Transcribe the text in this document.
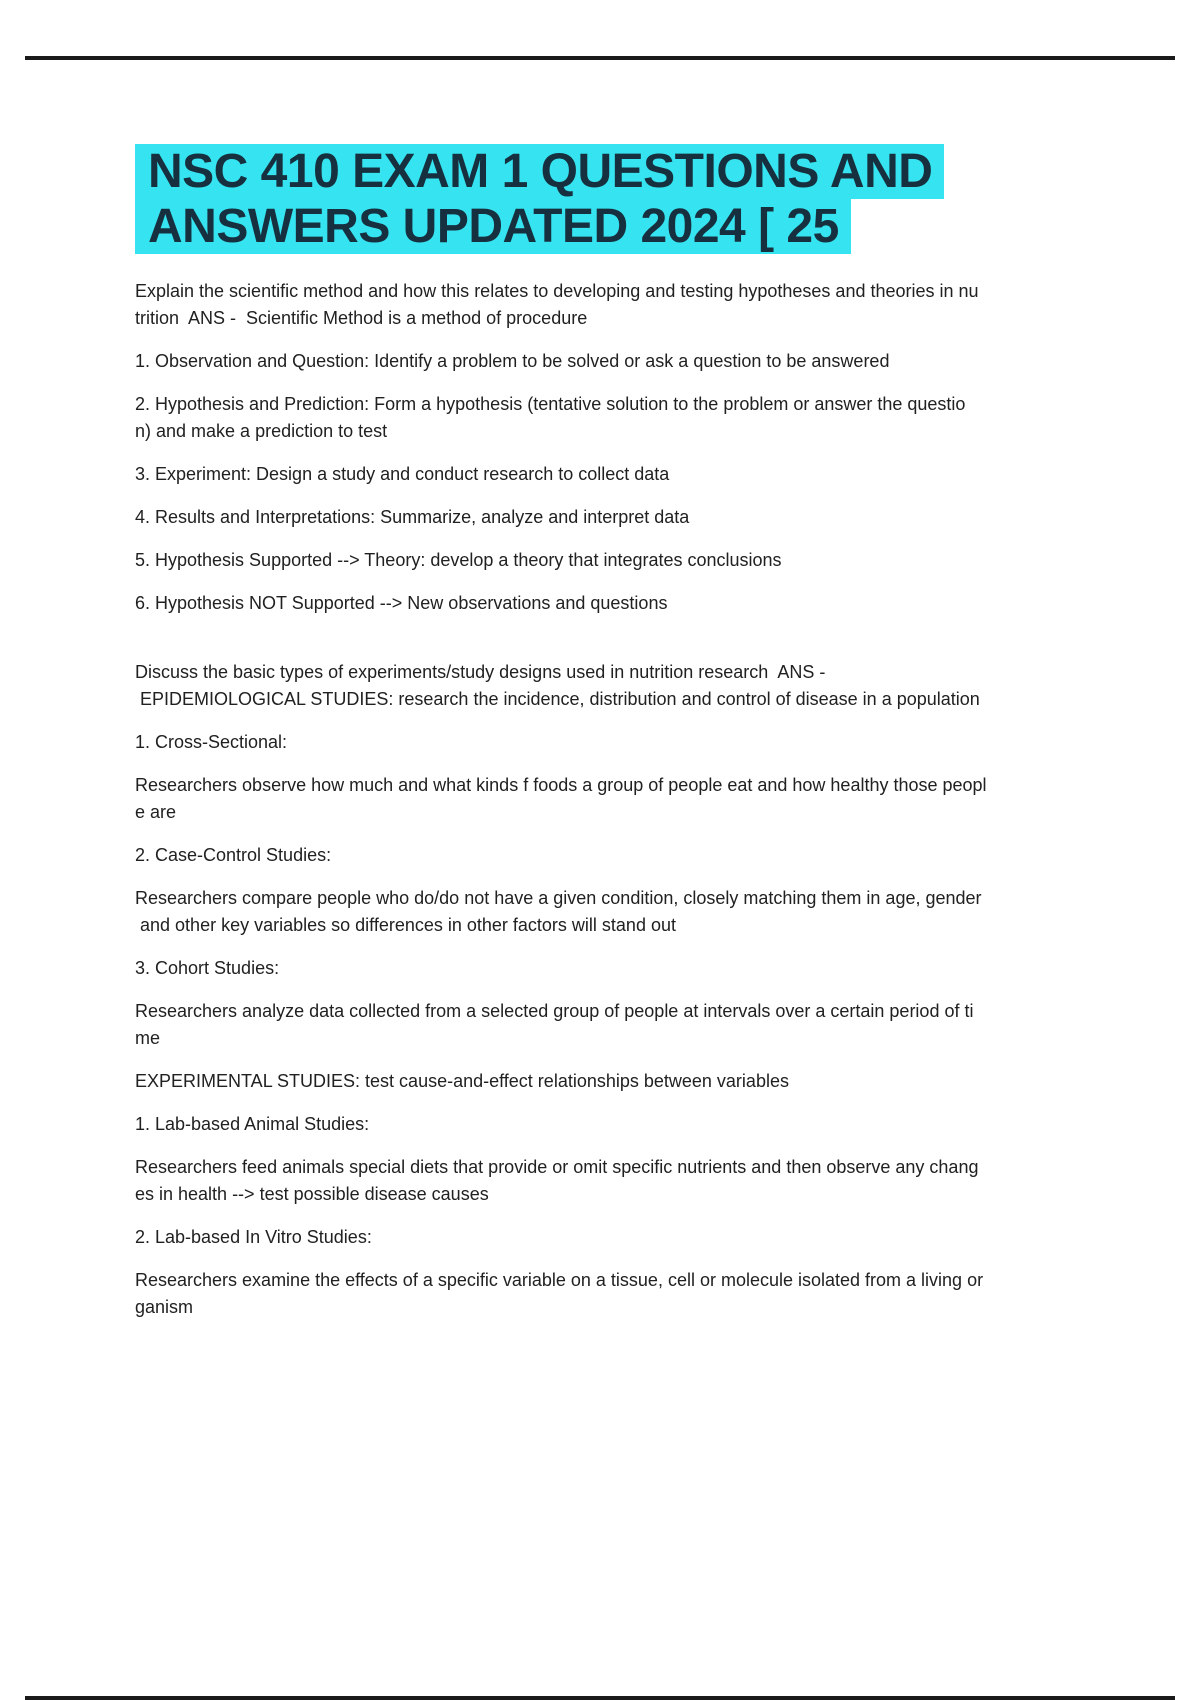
NSC 410 EXAM 1 QUESTIONS AND
ANSWERS UPDATED 2024 [ 25

Explain the scientific method and how this relates to developing and testing hypotheses and theories in nu
trition  ANS -  Scientific Method is a method of procedure

1. Observation and Question: Identify a problem to be solved or ask a question to be answered

2. Hypothesis and Prediction: Form a hypothesis (tentative solution to the problem or answer the questio
n) and make a prediction to test

3. Experiment: Design a study and conduct research to collect data

4. Results and Interpretations: Summarize, analyze and interpret data

5. Hypothesis Supported --> Theory: develop a theory that integrates conclusions

6. Hypothesis NOT Supported --> New observations and questions

Discuss the basic types of experiments/study designs used in nutrition research  ANS -
EPIDEMIOLOGICAL STUDIES: research the incidence, distribution and control of disease in a population

1. Cross-Sectional:

Researchers observe how much and what kinds f foods a group of people eat and how healthy those peopl
e are

2. Case-Control Studies:

Researchers compare people who do/do not have a given condition, closely matching them in age, gender
and other key variables so differences in other factors will stand out

3. Cohort Studies:

Researchers analyze data collected from a selected group of people at intervals over a certain period of ti
me

EXPERIMENTAL STUDIES: test cause-and-effect relationships between variables

1. Lab-based Animal Studies:

Researchers feed animals special diets that provide or omit specific nutrients and then observe any chang
es in health --> test possible disease causes

2. Lab-based In Vitro Studies:

Researchers examine the effects of a specific variable on a tissue, cell or molecule isolated from a living or
ganism
